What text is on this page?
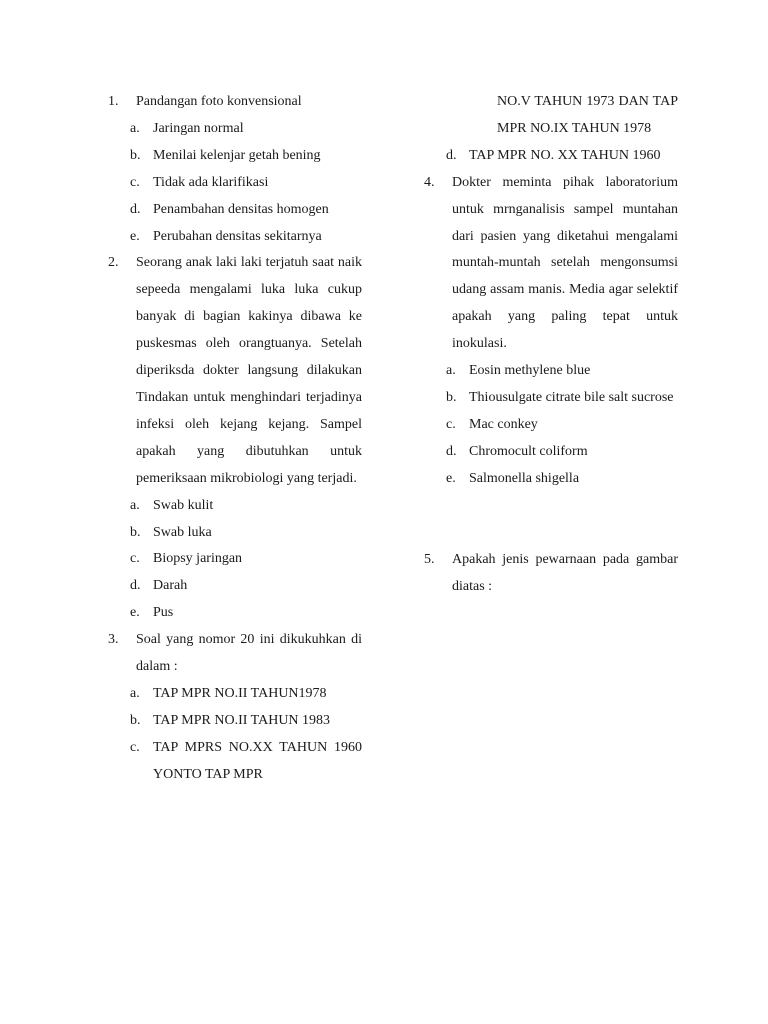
1.	Pandangan foto konvensional
a. Jaringan normal
b. Menilai kelenjar getah bening
c. Tidak ada klarifikasi
d. Penambahan densitas homogen
e. Perubahan densitas sekitarnya
2.	Seorang anak laki laki terjatuh saat naik sepeeda mengalami luka luka cukup banyak di bagian kakinya dibawa ke puskesmas oleh orangtuanya. Setelah diperiksda dokter langsung dilakukan Tindakan untuk menghindari terjadinya infeksi oleh kejang kejang. Sampel apakah yang dibutuhkan untuk pemeriksaan mikrobiologi yang terjadi.
a. Swab kulit
b. Swab luka
c. Biopsy jaringan
d. Darah
e. Pus
3.	Soal yang nomor 20 ini dikukuhkan di dalam :
a. TAP MPR NO.II TAHUN1978
b. TAP MPR NO.II TAHUN 1983
c. TAP MPRS NO.XX TAHUN 1960 YONTO TAP MPR
NO.V TAHUN 1973 DAN TAP MPR NO.IX TAHUN 1978
d. TAP MPR NO. XX TAHUN 1960
4.	Dokter meminta pihak laboratorium untuk mrnganalisis sampel muntahan dari pasien yang diketahui mengalami muntah-muntah setelah mengonsumsi udang assam manis. Media agar selektif apakah yang paling tepat untuk inokulasi.
a. Eosin methylene blue
b. Thiousulgate citrate bile salt sucrose
c. Mac conkey
d. Chromocult coliform
e. Salmonella shigella
5.	Apakah jenis pewarnaan pada gambar diatas :
